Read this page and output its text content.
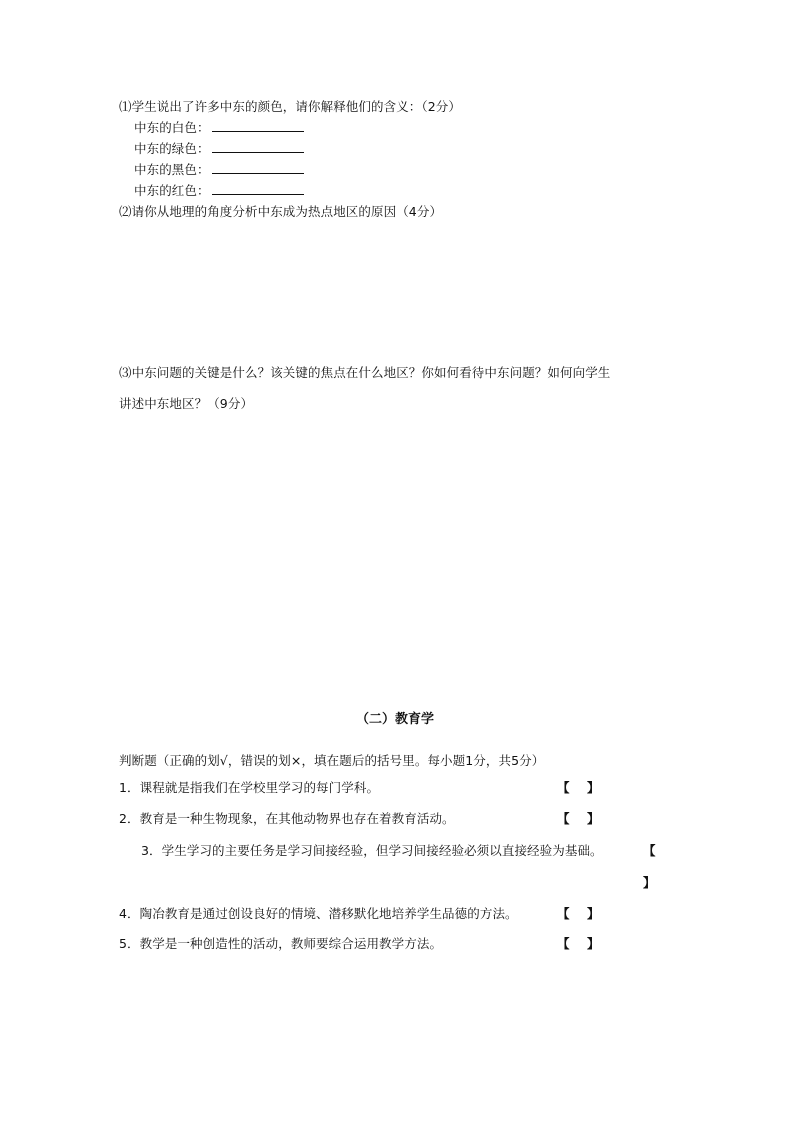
⑴学生说出了许多中东的颜色，请你解释他们的含义：（2分）
中东的白色：
中东的绿色：
中东的黑色：
中东的红色：
⑵请你从地理的角度分析中东成为热点地区的原因（4分）
⑶中东问题的关键是什么？该关键的焦点在什么地区？你如何看待中东问题？如何向学生
讲述中东地区？（9分）
（二）教育学
判断题（正确的划√，错误的划×，填在题后的括号里。每小题1分，共5分）
1．课程就是指我们在学校里学习的每门学科。	【 】
2．教育是一种生物现象，在其他动物界也存在着教育活动。	【 】
3．学生学习的主要任务是学习间接经验，但学习间接经验必须以直接经验为基础。	【
】
4．陶冶教育是通过创设良好的情境、潜移默化地培养学生品德的方法。	【 】
5．教学是一种创造性的活动，教师要综合运用教学方法。	【 】
